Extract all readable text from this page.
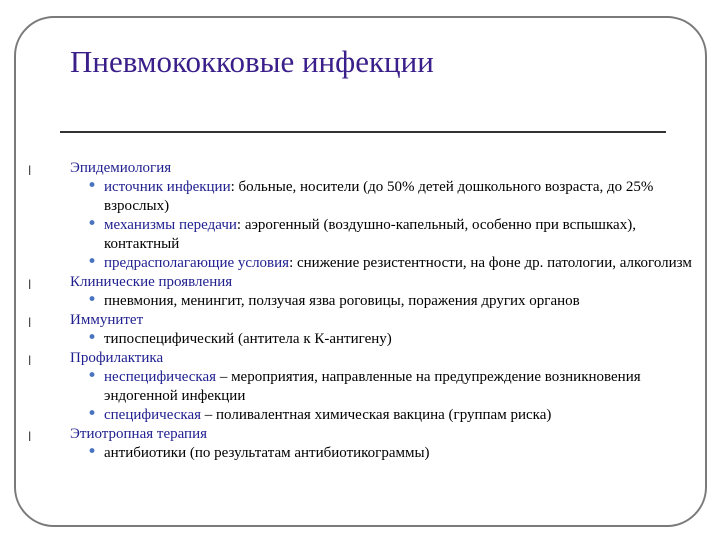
Пневмококковые инфекции
l	Эпидемиология
• источник инфекции: больные, носители (до 50% детей дошкольного возраста, до 25% взрослых)
• механизмы передачи: аэрогенный (воздушно-капельный, особенно при вспышках), контактный
• предрасполагающие условия: снижение резистентности, на фоне др. патологии, алкоголизм
l	Клинические проявления
• пневмония, менингит, ползучая язва роговицы, поражения других органов
l	Иммунитет
• типоспецифический (антитела к К-антигену)
l	Профилактика
• неспецифическая – мероприятия, направленные на предупреждение возникновения эндогенной инфекции
• специфическая – поливалентная химическая вакцина (группам риска)
l	Этиотропная терапия
• антибиотики (по результатам антибиотикограммы)
